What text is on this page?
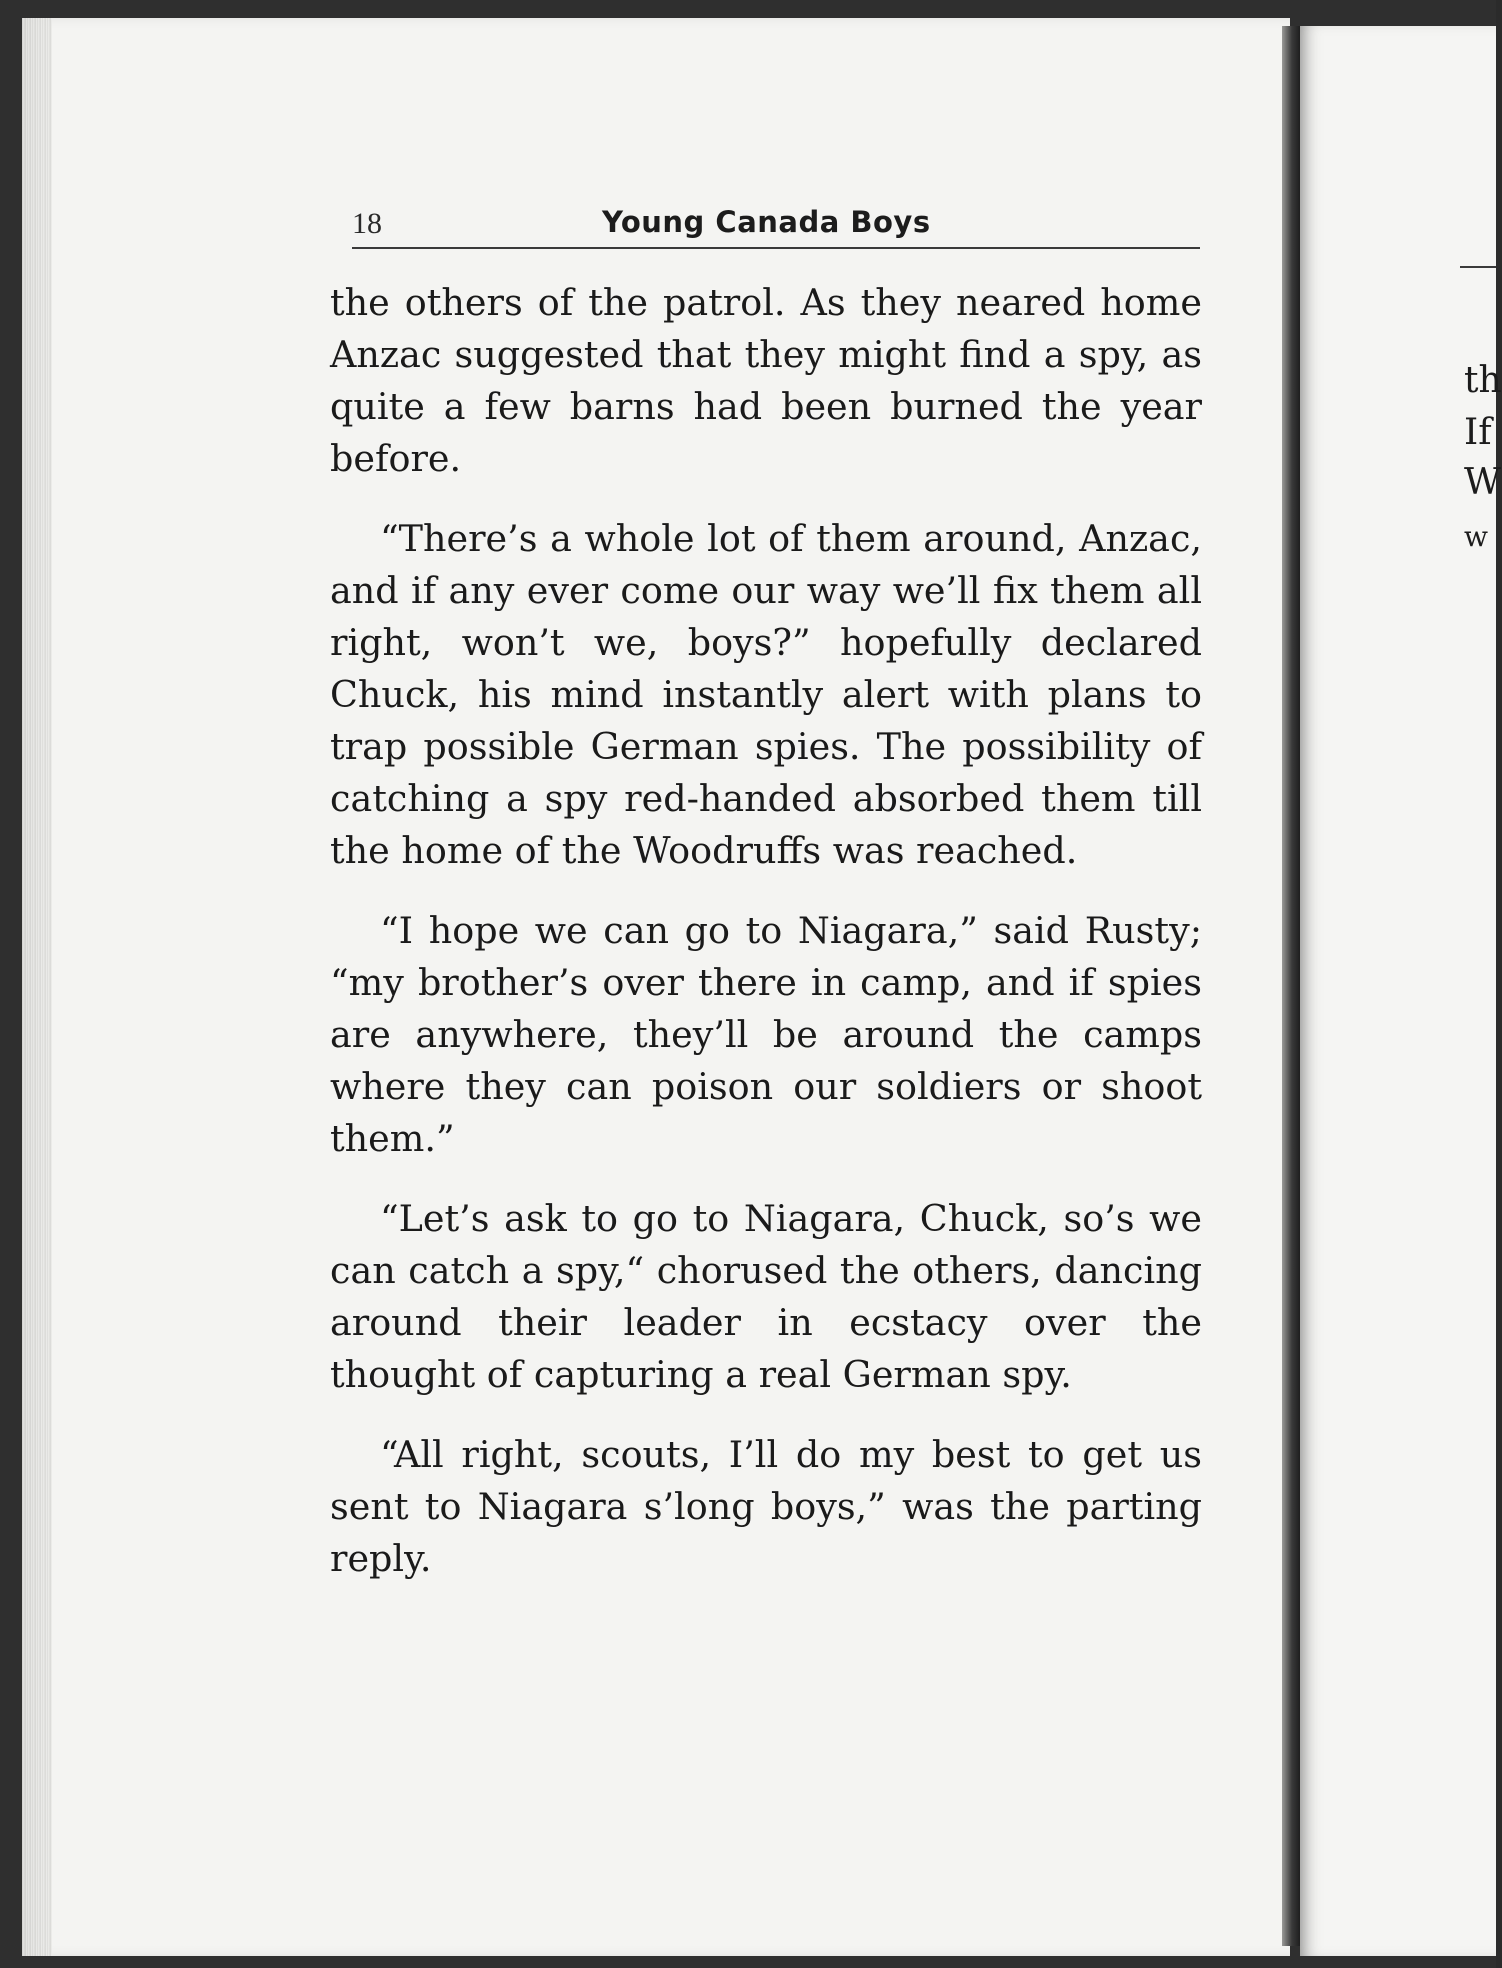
18	Young Canada Boys

the others of the patrol. As they neared home Anzac suggested that they might find a spy, as quite a few barns had been burned the year before.

“There’s a whole lot of them around, Anzac, and if any ever come our way we’ll fix them all right, won’t we, boys?” hopefully declared Chuck, his mind instantly alert with plans to trap possible German spies. The possibility of catching a spy red-handed absorbed them till the home of the Woodruffs was reached.

“I hope we can go to Niagara,” said Rusty; “my brother’s over there in camp, and if spies are anywhere, they’ll be around the camps where they can poison our soldiers or shoot them.”

“Let’s ask to go to Niagara, Chuck, so’s we can catch a spy,“ chorused the others, dancing around their leader in ecstacy over the thought of capturing a real German spy.

“All right, scouts, I’ll do my best to get us sent to Niagara s’long boys,” was the parting reply.

th
If
W
w
